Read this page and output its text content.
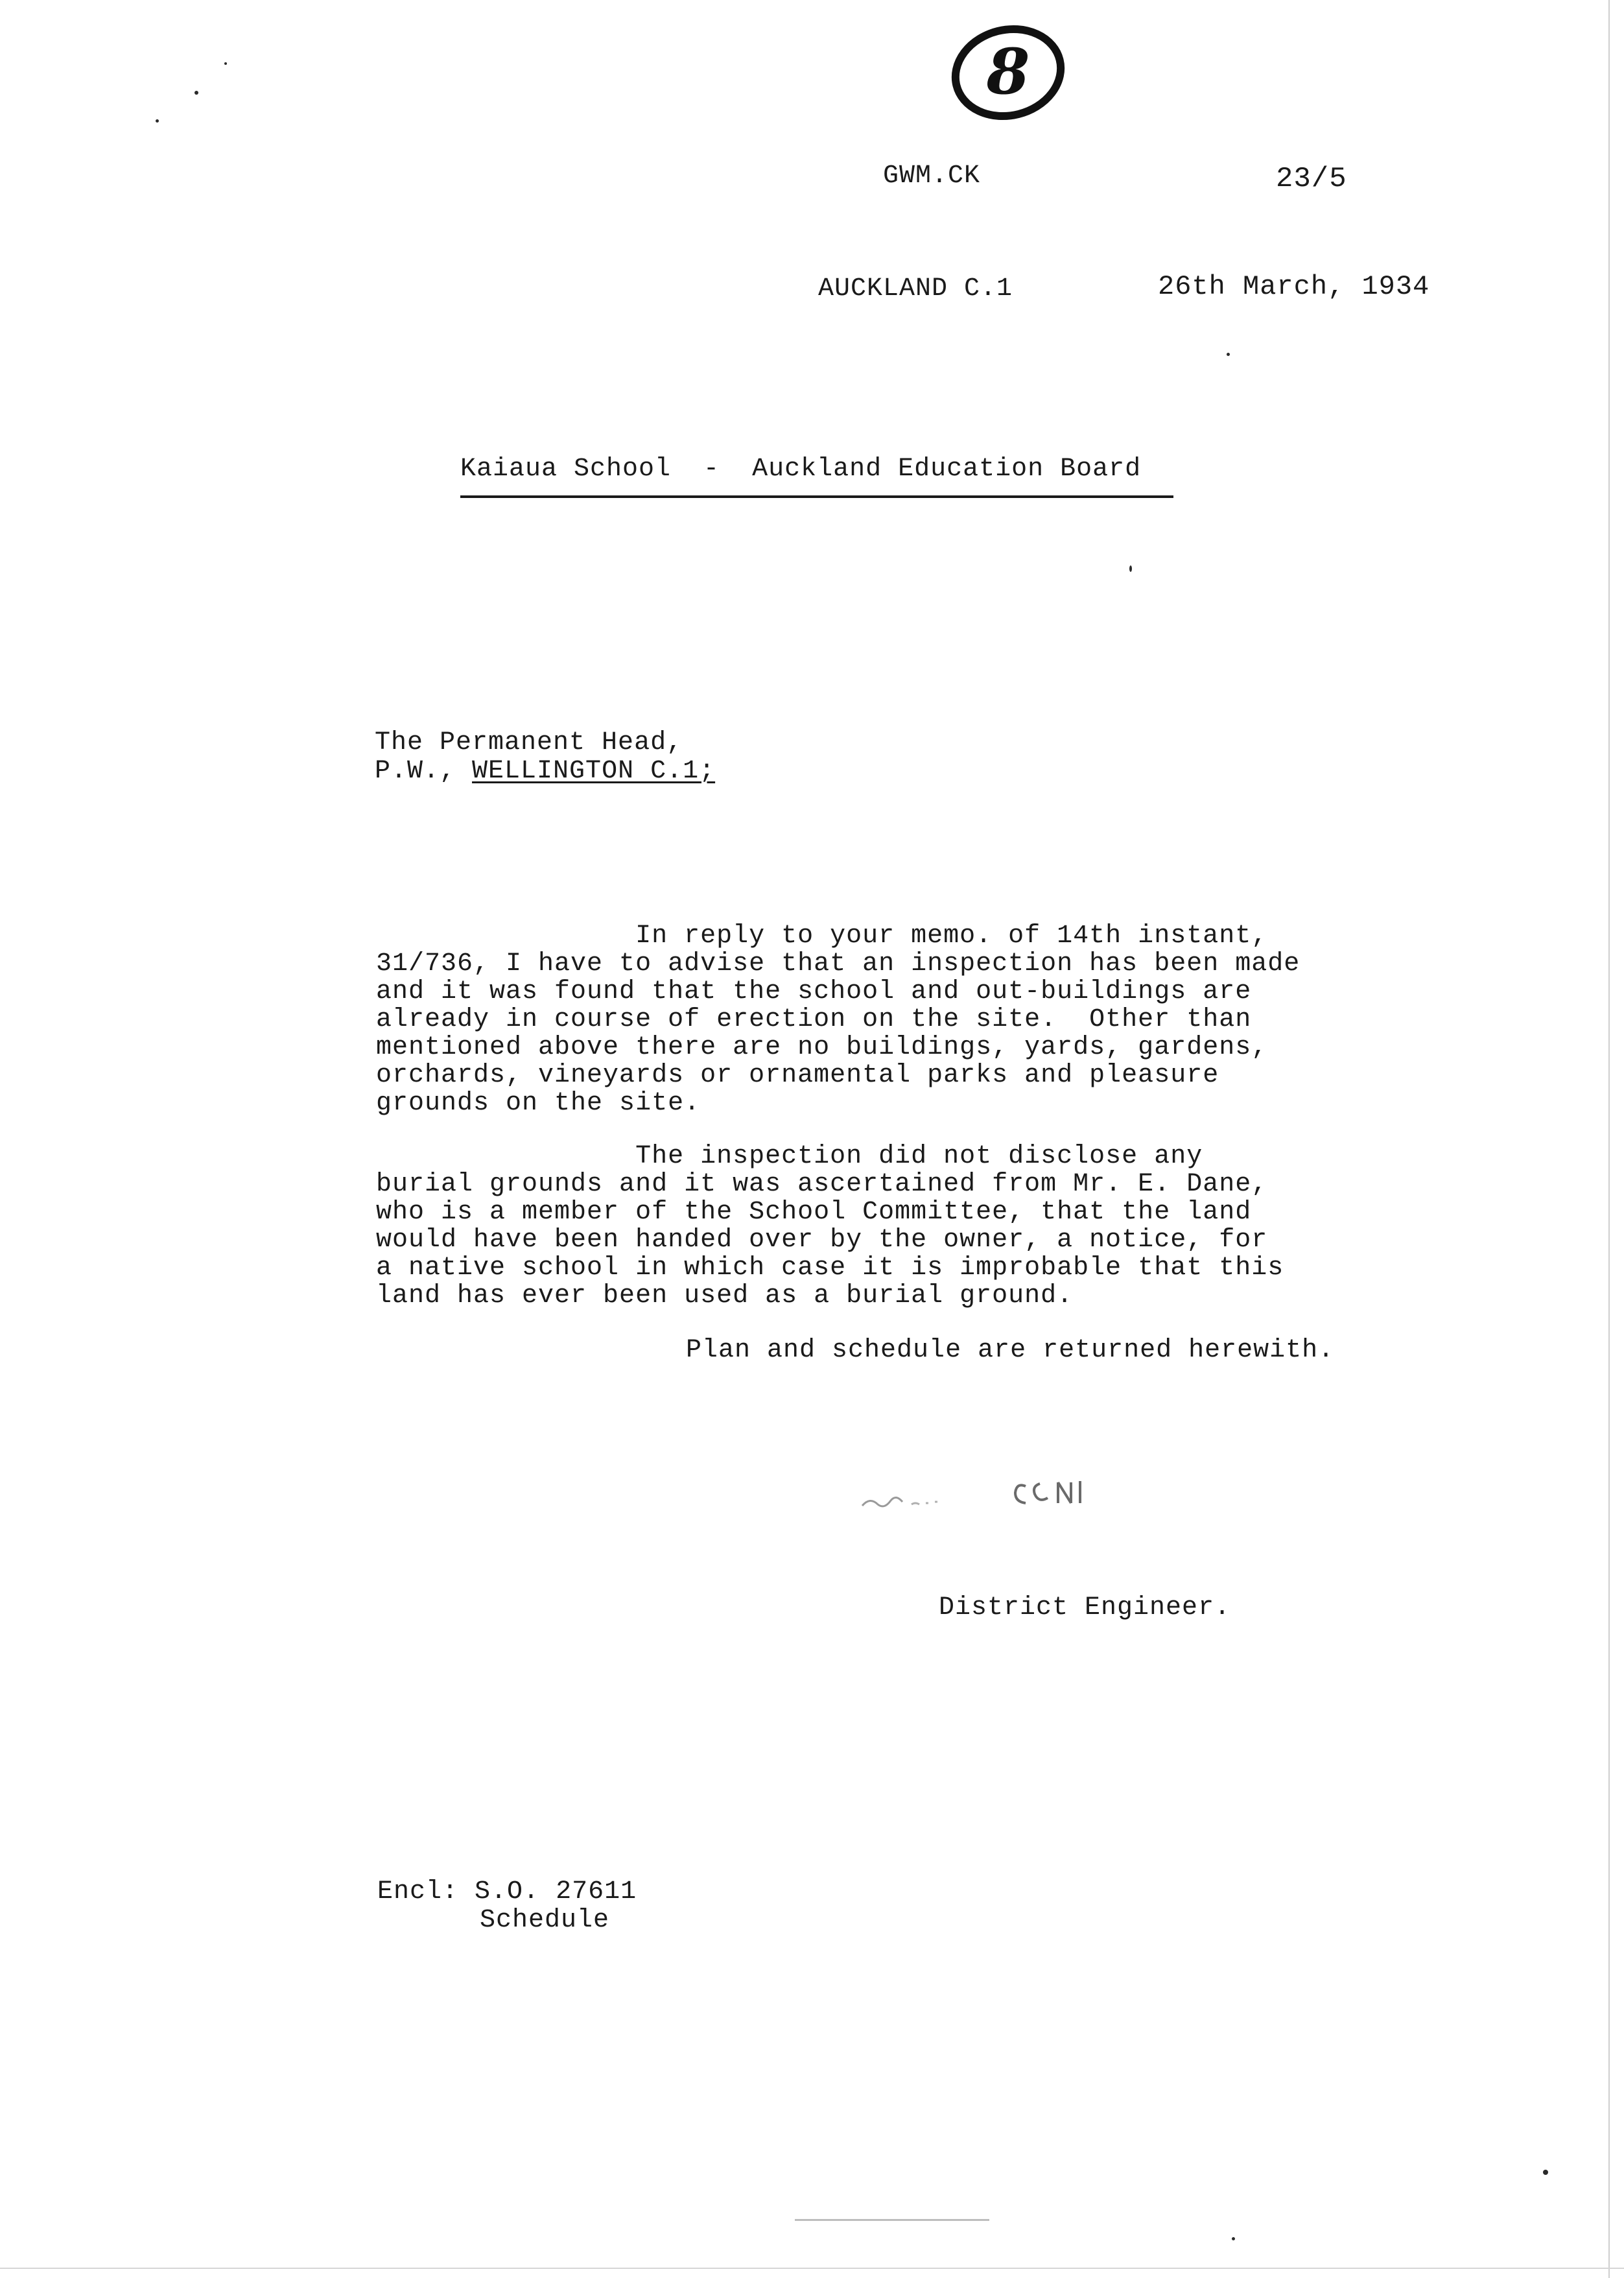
8
GWM.CK	23/5
AUCKLAND C.1	26th March, 1934
Kaiaua School  -  Auckland Education Board
The Permanent Head,
P.W., WELLINGTON C.1;
In reply to your memo. of 14th instant,
31/736, I have to advise that an inspection has been made
and it was found that the school and out-buildings are
already in course of erection on the site.  Other than
mentioned above there are no buildings, yards, gardens,
orchards, vineyards or ornamental parks and pleasure
grounds on the site.
The inspection did not disclose any
burial grounds and it was ascertained from Mr. E. Dane,
who is a member of the School Committee, that the land
would have been handed over by the owner, a notice, for
a native school in which case it is improbable that this
land has ever been used as a burial ground.
Plan and schedule are returned herewith.
District Engineer.
Encl: S.O. 27611
Schedule
